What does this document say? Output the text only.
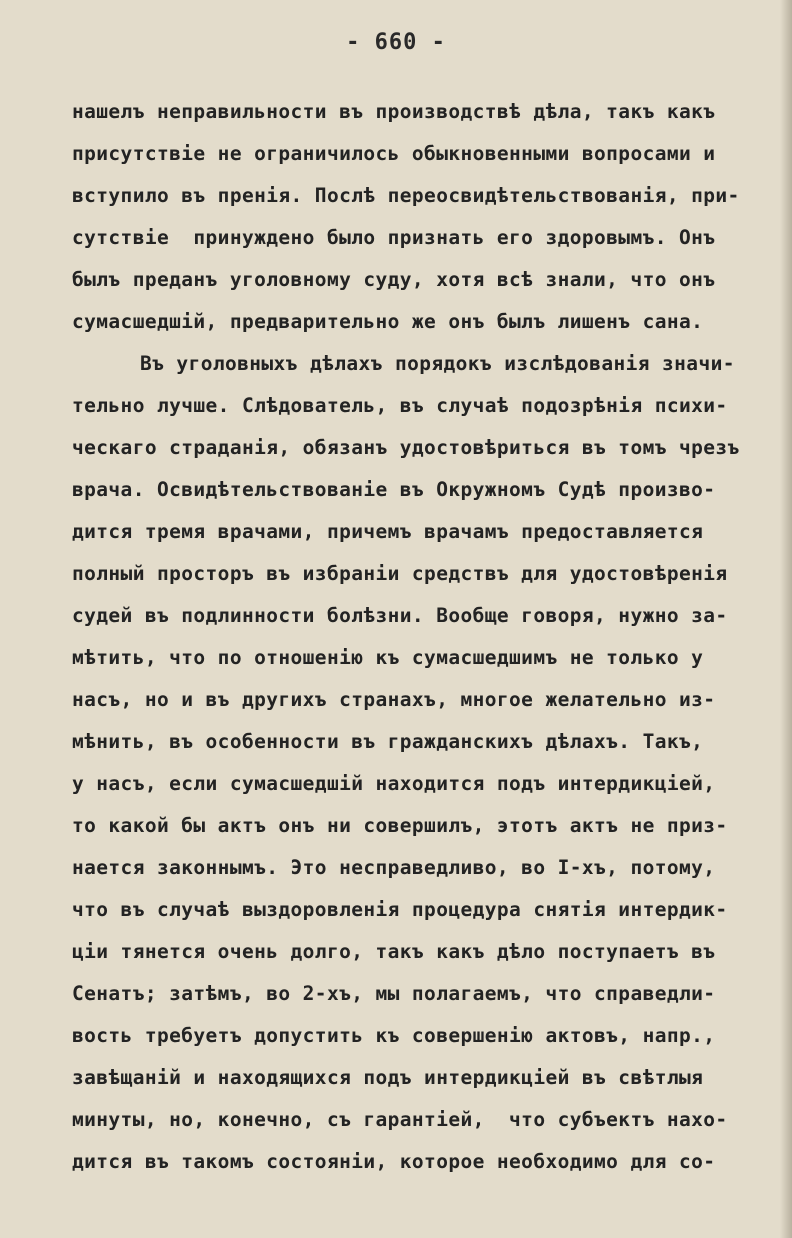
- 660 -
нашелъ неправильности въ производствѣ дѣла, такъ какъ
присутствіе не ограничилось обыкновенными вопросами и
вступило въ пренія. Послѣ переосвидѣтельствованія, при-
сутствіе  принуждено было признать его здоровымъ. Онъ
былъ преданъ уголовному суду, хотя всѣ знали, что онъ
сумасшедшій, предварительно же онъ былъ лишенъ сана.
Въ уголовныхъ дѣлахъ порядокъ изслѣдованія значи-
тельно лучше. Слѣдователь, въ случаѣ подозрѣнія психи-
ческаго страданія, обязанъ удостовѣриться въ томъ чрезъ
врача. Освидѣтельствованіе въ Окружномъ Судѣ произво-
дится тремя врачами, причемъ врачамъ предоставляется
полный просторъ въ избраніи средствъ для удостовѣренія
судей въ подлинности болѣзни. Вообще говоря, нужно за-
мѣтить, что по отношенію къ сумасшедшимъ не только у
насъ, но и въ другихъ странахъ, многое желательно из-
мѣнить, въ особенности въ гражданскихъ дѣлахъ. Такъ,
у насъ, если сумасшедшій находится подъ интердикціей,
то какой бы актъ онъ ни совершилъ, этотъ актъ не приз-
нается законнымъ. Это несправедливо, во І-хъ, потому,
что въ случаѣ выздоровленія процедура снятія интердик-
ціи тянется очень долго, такъ какъ дѣло поступаетъ въ
Сенатъ; затѣмъ, во 2-хъ, мы полагаемъ, что справедли-
вость требуетъ допустить къ совершенію актовъ, напр.,
завѣщаній и находящихся подъ интердикціей въ свѣтлыя
минуты, но, конечно, съ гарантіей,  что субъектъ нахо-
дится въ такомъ состояніи, которое необходимо для со-
